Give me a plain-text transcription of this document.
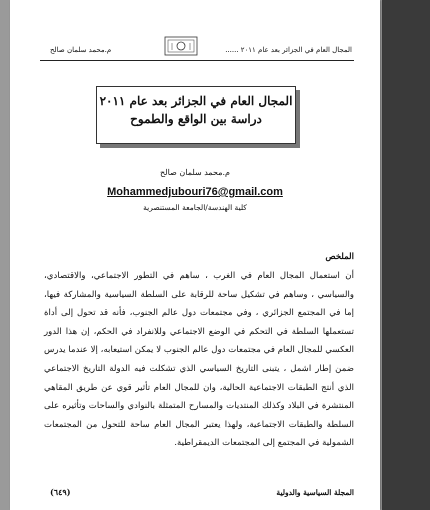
المجال العام في الجزائر بعد عام ٢٠١١ ......
م.محمد سلمان صالح
المجال العام في الجزائر بعد عام ٢٠١١
دراسة بين الواقع والطموح
م.محمد سلمان صالح
Mohammedjubouri76@gmail.com
كلية الهندسة/الجامعة المستنصرية
الملخص

أن استعمال المجال العام في الغرب ، ساهم في التطور الاجتماعي، والاقتصادي، والسياسي ، وساهم في تشكيل ساحة للرقابة على السلطة السياسية والمشاركة فيها، إما في المجتمع الجزائري ، وفي مجتمعات دول عالم الجنوب، فأنه قد تحول إلى أداة تستعملها السلطة في التحكم في الوضع الاجتماعي وللانفراد في الحكم، إن هذا الدور العكسي للمجال العام في مجتمعات دول عالم الجنوب لا يمكن استيعابه، إلا عندما يدرس ضمن إطار اشمل ، يتبنى التاريخ السياسي الذي تشكلت فيه الدولة التاريخ الاجتماعي الذي أنتج الطبقات الاجتماعية الحالية، وان للمجال العام تأثير قوي عن طريق المقاهي المنتشرة في البلاد وكذلك المنتديات والمسارح المتمثلة بالنوادي والساحات وتأثيره على السلطة والطبقات الاجتماعية، ولهذا يعتبر المجال العام ساحة للتحول من المجتمعات الشمولية في المجتمع إلى المجتمعات الديمقراطية.

المجلة السياسية والدولية
(٦٤٩)
